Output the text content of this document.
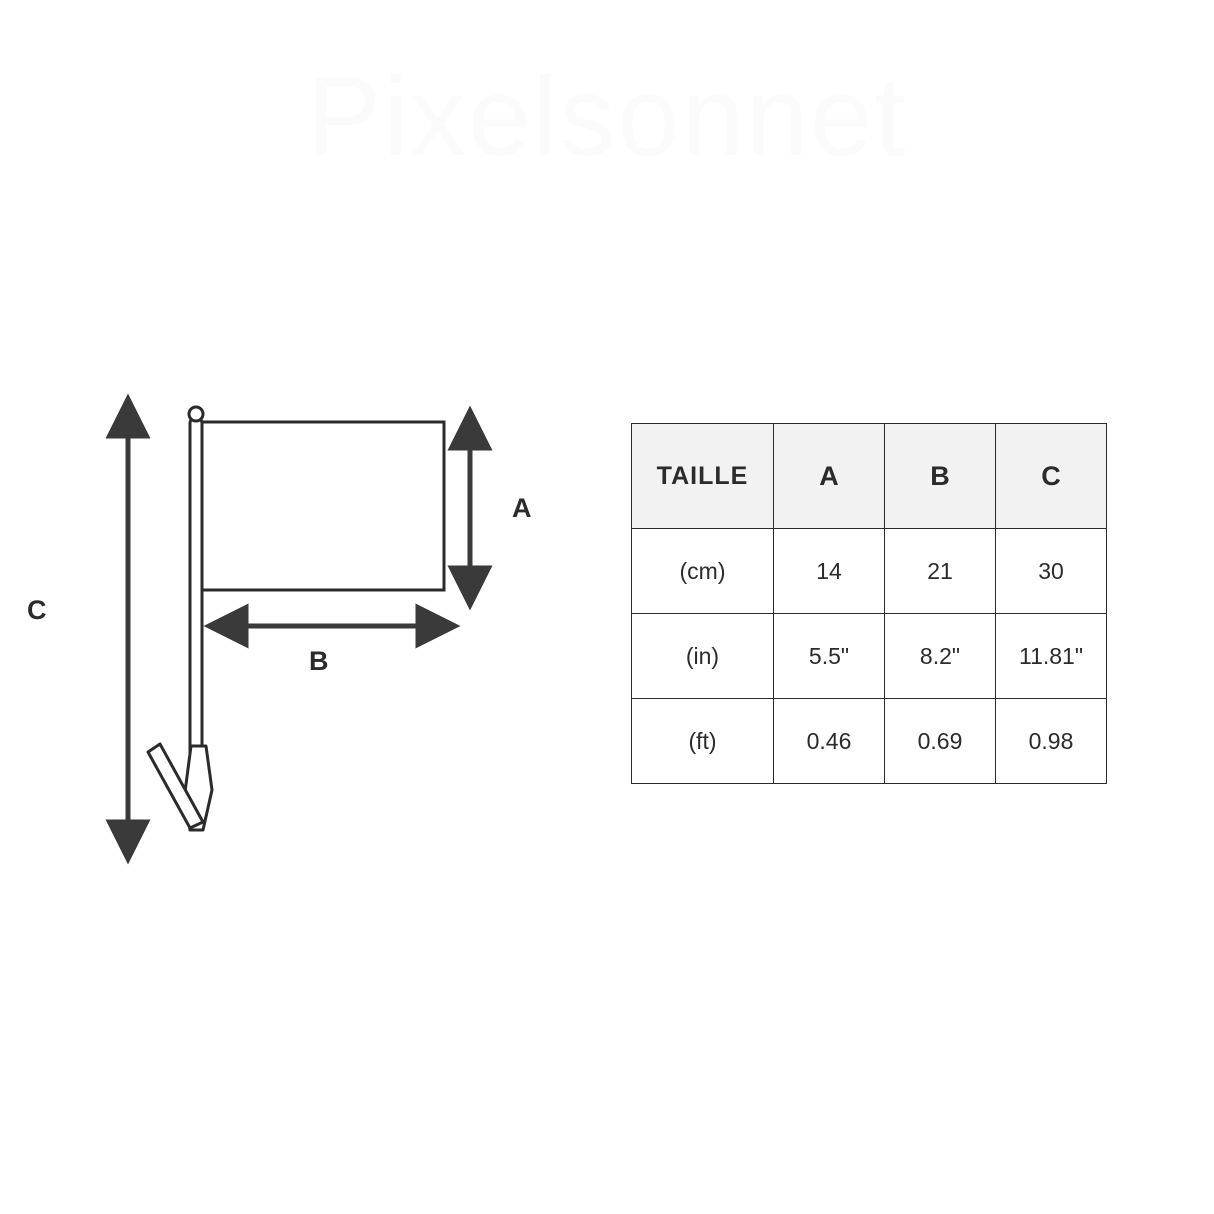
Pixelsonnet
C
A
B
TAILLE	A	B	C
(cm)	14	21	30
(in)	5.5"	8.2"	11.81"
(ft)	0.46	0.69	0.98
